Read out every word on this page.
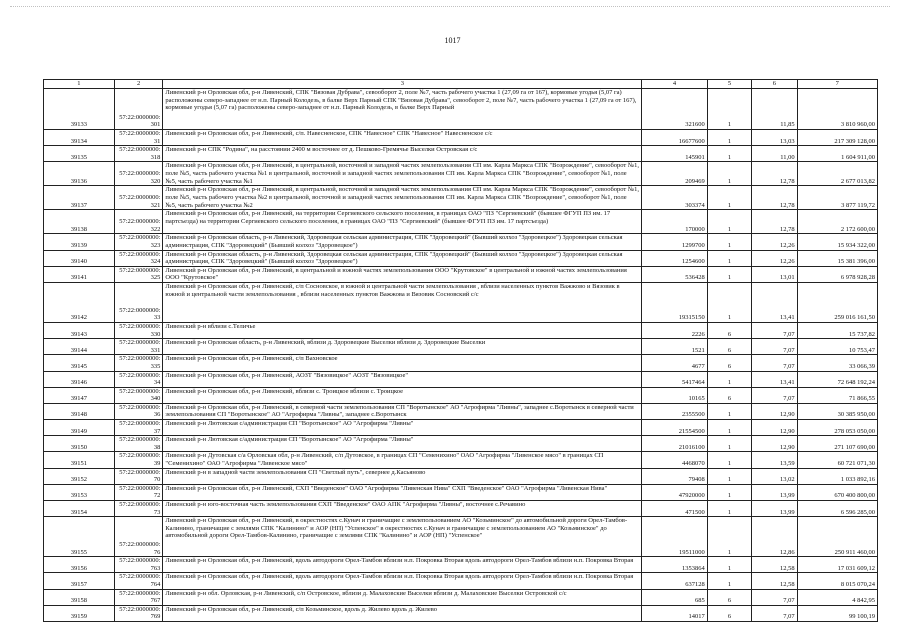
1017
1	2	3	4	5	6	7
39133	57:22:0000000:301	Ливенский р-н Орловская обл, р-н Ливенский, СПК "Вязовая Дубрава", севооборот 2, поле №7, часть рабочего участка 1 (27,09 га от 167), кормовые угодья (5,07 га) расположены северо-западнее от н.п. Парный Колодезь, в балке Верх Парный СПК "Вязовая Дубрава", севооборот 2, поле №7, часть рабочего участка 1 (27,09 га от 167), кормовые угодья (5,07 га) расположены северо-западнее от н.п. Парный Колодезь, в балке Верх Парный	321600	1	11,85	3 810 960,00
39134	57:22:0000000:31	Ливенский р-н Орловская обл, р-н Ливенский, с/п. Навесненское, СПК "Навесное" СПК "Навесное" Навесненское с/с	16677600	1	13,03	217 309 128,00
39135	57:22:0000000:318	Ливенский р-н СПК "Родина", на расстоянии 2400 м восточнее от д. Пешково-Гремячье Выселки Островская с/с	145901	1	11,00	1 604 911,00
39136	57:22:0000000:320	Ливенский р-н Орловская обл, р-н Ливенский, в центральной, восточной и западной частях землепользования СП им. Карла Маркса СПК "Возрождение", севооборот №1, поле №5, часть рабочего участка №1 в центральной, восточной и западной частях землепользования СП им. Карла Маркса СПК "Возрождение", севооборот №1, поле №5, часть рабочего участка №1	209469	1	12,78	2 677 013,82
39137	57:22:0000000:321	Ливенский р-н Орловская обл, р-н Ливенский, в центральной, восточной и западной частях землепользования СП им. Карла Маркса СПК "Возрождение", севооборот №1, поле №5, часть рабочего участка №2 в центральной, восточной и западной частях землепользования СП им. Карла Маркса СПК "Возрождение", севооборот №1, поле №5, часть рабочего участка №2	303374	1	12,78	3 877 119,72
39138	57:22:0000000:322	Ливенский р-н Орловская обл, р-н Ливенский, на территории Сергиевского сельского поселения, в границах ОАО "ПЗ "Сергиевский" (бывшее ФГУП ПЗ им. 17 партсъезда) на территории Сергиевского сельского поселения, в границах ОАО "ПЗ "Сергиевский" (бывшее ФГУП ПЗ им. 17 партсъезда)	170000	1	12,78	2 172 600,00
39139	57:22:0000000:323	Ливенский р-н Орловская область, р-н Ливенский, Здоровецкая сельская администрация, СПК "Здоровецкий" (Бывший колхоз "Здоровецкое") Здоровецкая сельская администрация, СПК "Здоровецкий" (Бывший колхоз "Здоровецкое")	1299700	1	12,26	15 934 322,00
39140	57:22:0000000:324	Ливенский р-н Орловская область, р-н Ливенский, Здоровецкая сельская администрация, СПК "Здоровецкий" (Бывший колхоз "Здоровецкое") Здоровецкая сельская администрация, СПК "Здоровецкий" (Бывший колхоз "Здоровецкое")	1254600	1	12,26	15 381 396,00
39141	57:22:0000000:325	Ливенский р-н Орловская обл, р-н Ливенский, в центральной и южной частях землепользования ООО "Крутовское" в центральной и южной частях землепользования ООО "Крутовское"	536428	1	13,01	6 978 928,28
39142	57:22:0000000:33	Ливенский р-н Орловская обл, р-н Ливенский, с/п Сосновское, в южной и центральной части землепользования , вблизи населенных пунктов Важжово и Вязовик в южной и центральной части землепользования , вблизи населенных пунктов Важжова и Вязовик Сосновский с/с	19315150	1	13,41	259 016 161,50
39143	57:22:0000000:330	Ливенский р-н вблизи с.Теличье	2226	6	7,07	15 737,82
39144	57:22:0000000:331	Ливенский р-н Орловская область, р-н Ливенский, вблизи д. Здоровецкие Выселки вблизи д. Здоровецкие Выселки	1521	6	7,07	10 753,47
39145	57:22:0000000:335	Ливенский р-н Орловская обл, р-н Ливенский, с/п Вахновское	4677	6	7,07	33 066,39
39146	57:22:0000000:34	Ливенский р-н Орловская обл, р-н Ливенский, АОЗТ "Вязовицкое" АОЗТ "Вязовицкое"	5417464	1	13,41	72 648 192,24
39147	57:22:0000000:340	Ливенский р-н Орловская обл, р-н Ливенский, вблизи с. Троицкое вблизи с. Троицкое	10165	6	7,07	71 866,55
39148	57:22:0000000:36	Ливенский р-н Орловская обл, р-н Ливенский, в северной части землепользования СП "Воротынское" АО "Агрофирма "Ливны", западнее с.Воротынск в северной части землепользования СП "Воротынское" АО "Агрофирма "Ливны", западнее с.Воротынск	2355500	1	12,90	30 385 950,00
39149	57:22:0000000:37	Ливенский р-н Лютовская с/администрация СП "Воротынское" АО "Агрофирма "Ливны"	21554500	1	12,90	278 053 050,00
39150	57:22:0000000:38	Ливенский р-н Лютовская с/администрация СП "Воротынское" АО "Агрофирма "Ливны"	21016100	1	12,90	271 107 690,00
39151	57:22:0000000:39	Ливенский р-н Дутовская с/а Орловская обл, р-н Ливенский, с/п Дутовское, в границах СП "Семенихино" ОАО "Агрофирма "Ливенское мясо" в границах СП "Семенихино" ОАО "Агрофирма "Ливенское мясо"	4468070	1	13,59	60 721 071,30
39152	57:22:0000000:70	Ливенский р-н в западной части землепользования СП "Светлый путь", севернее д.Касьяново	79408	1	13,02	1 033 892,16
39153	57:22:0000000:72	Ливенский р-н Орловская обл, р-н Ливенский, СХП "Введенское" ОАО "Агрофирма "Ливенская Нива" СХП "Введенское" ОАО "Агрофирма "Ливенская Нива"	47920000	1	13,99	670 400 800,00
39154	57:22:0000000:73	Ливенский р-н юго-восточная часть землепользования СХП "Введенское" ОАО АПК "Агрофирма "Ливны", восточнее с.Речавино	471500	1	13,99	6 596 285,00
39155	57:22:0000000:76	Ливенский р-н Орловская обл, р-н Ливенский, в окрестностях с.Кунач и граничащие с землепользованием АО "Козьминское" до автомобильной дороги Орел-Тамбов-Калинино, граничащие с землями СПК "Калинино" и АОР (НП) "Успенское" в окрестностях с.Кунач и граничащие с землепользованием АО "Козьминское" до автомобильной дороги Орел-Тамбов-Калинино, граничащие с землями СПК "Калинино" и АОР (НП) "Успенское"	19511000	1	12,86	250 911 460,00
39156	57:22:0000000:763	Ливенский р-н Орловская обл, р-н Ливенский, вдоль автодороги Орел-Тамбов вблизи н.п. Покровка Вторая вдоль автодороги Орел-Тамбов вблизи н.п. Покровка Вторая	1353864	1	12,58	17 031 609,12
39157	57:22:0000000:764	Ливенский р-н Орловская обл, р-н Ливенский, вдоль автодороги Орел-Тамбов вблизи н.п. Покровка Вторая вдоль автодороги Орел-Тамбов вблизи н.п. Покровка Вторая	637128	1	12,58	8 015 070,24
39158	57:22:0000000:767	Ливенский р-н обл. Орловская, р-н Ливенский, с/п Островское, вблизи д. Малаховские Выселки вблизи д. Малаховские Выселки Островской с/с	685	6	7,07	4 842,95
39159	57:22:0000000:769	Ливенский р-н Орловская обл, р-н Ливенский, с/п Козьминское, вдоль д. Жилево вдоль д. Жилево	14017	6	7,07	99 100,19
